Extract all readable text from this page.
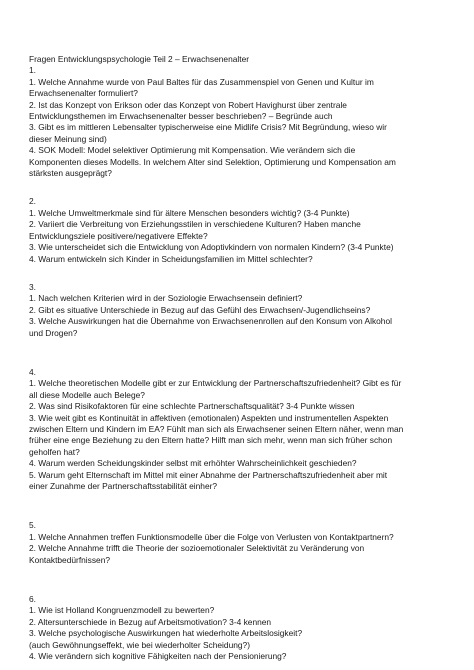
Fragen Entwicklungspsychologie Teil 2 – Erwachsenenalter
1.
1. Welche Annahme wurde von Paul Baltes für das Zusammenspiel von Genen und Kultur im
Erwachsenenalter formuliert?
2. Ist das Konzept von Erikson oder das Konzept von Robert Havighurst über zentrale
Entwicklungsthemen im Erwachsenenalter besser beschrieben? – Begründe auch
3. Gibt es im mittleren Lebensalter typischerweise eine Midlife Crisis? Mit Begründung, wieso wir
dieser Meinung sind)
4. SOK Modell: Model selektiver Optimierung mit Kompensation. Wie verändern sich die
Komponenten dieses Modells. In welchem Alter sind Selektion, Optimierung und Kompensation am
stärksten ausgeprägt?
2.
1. Welche Umweltmerkmale sind für ältere Menschen besonders wichtig? (3-4 Punkte)
2. Variiert die Verbreitung von Erziehungsstilen in verschiedene Kulturen? Haben manche
Entwicklungsziele positivere/negativere Effekte?
3. Wie unterscheidet sich die Entwicklung von Adoptivkindern von normalen Kindern? (3-4 Punkte)
4. Warum entwickeln sich Kinder in Scheidungsfamilien im Mittel schlechter?
3.
1. Nach welchen Kriterien wird in der Soziologie Erwachsensein definiert?
2. Gibt es situative Unterschiede in Bezug auf das Gefühl des Erwachsen/-Jugendlichseins?
3. Welche Auswirkungen hat die Übernahme von Erwachsenenrollen auf den Konsum von Alkohol
und Drogen?
4.
1. Welche theoretischen Modelle gibt er zur Entwicklung der Partnerschaftszufriedenheit? Gibt es für
all diese Modelle auch Belege?
2. Was sind Risikofaktoren für eine schlechte Partnerschaftsqualität? 3-4 Punkte wissen
3. Wie weit gibt es Kontinuität in affektiven (emotionalen) Aspekten und instrumentellen Aspekten
zwischen Eltern und Kindern im EA? Fühlt man sich als Erwachsener seinen Eltern näher, wenn man
früher eine enge Beziehung zu den Eltern hatte? Hilft man sich mehr, wenn man sich früher schon
geholfen hat?
4. Warum werden Scheidungskinder selbst mit erhöhter Wahrscheinlichkeit geschieden?
5. Warum geht Elternschaft im Mittel mit einer Abnahme der Partnerschaftszufriedenheit aber mit
einer Zunahme der Partnerschaftsstabilität einher?
5.
1. Welche Annahmen treffen Funktionsmodelle über die Folge von Verlusten von Kontaktpartnern?
2. Welche Annahme trifft die Theorie der sozioemotionaler Selektivität zu Veränderung von
Kontaktbedürfnissen?
6.
1. Wie ist Holland Kongruenzmodell zu bewerten?
2. Altersunterschiede in Bezug auf Arbeitsmotivation? 3-4 kennen
3. Welche psychologische Auswirkungen hat wiederholte Arbeitslosigkeit?
(auch Gewöhnungseffekt, wie bei wiederholter Scheidung?)
4. Wie verändern sich kognitive Fähigkeiten nach der Pensionierung?
